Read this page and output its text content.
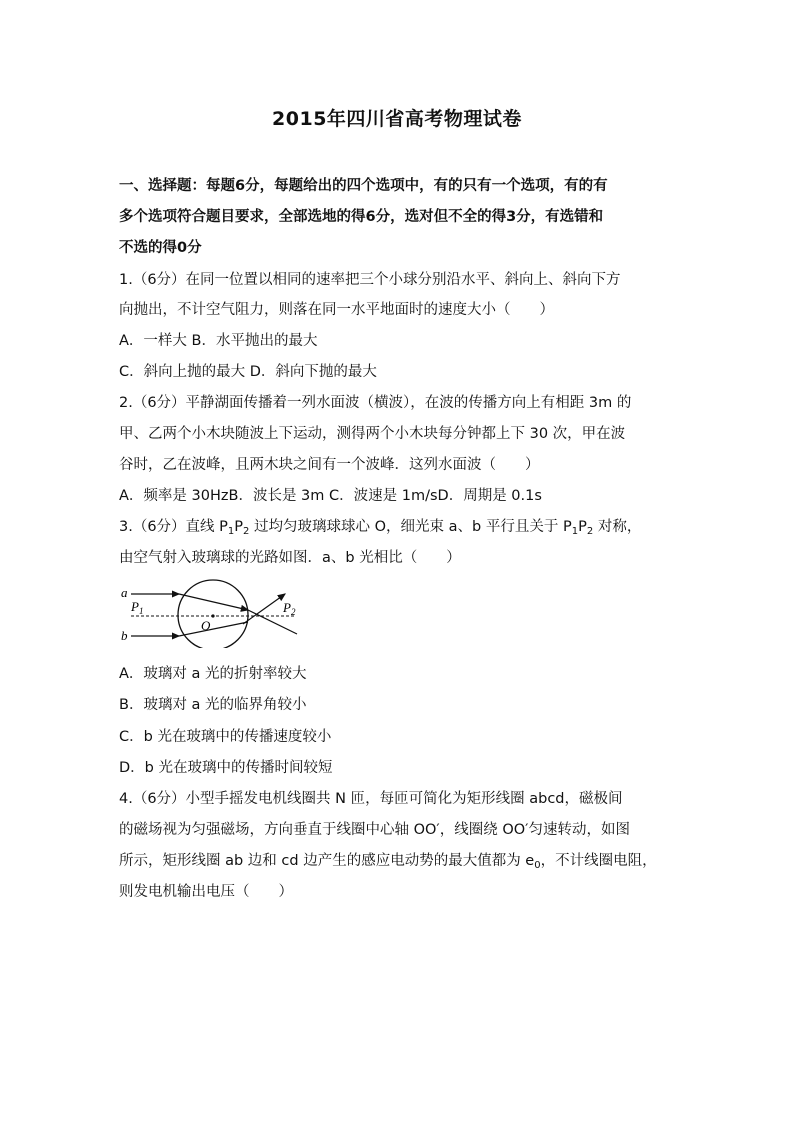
2015年四川省高考物理试卷
一、选择题：每题6分，每题给出的四个选项中，有的只有一个选项，有的有
多个选项符合题目要求，全部选地的得6分，选对但不全的得3分，有选错和
不选的得0分
1.（6分）在同一位置以相同的速率把三个小球分别沿水平、斜向上、斜向下方
向抛出，不计空气阻力，则落在同一水平地面时的速度大小（　　）
A．一样大 B．水平抛出的最大
C．斜向上抛的最大 D．斜向下抛的最大
2.（6分）平静湖面传播着一列水面波（横波），在波的传播方向上有相距 3m 的
甲、乙两个小木块随波上下运动，测得两个小木块每分钟都上下 30 次，甲在波
谷时，乙在波峰，且两木块之间有一个波峰．这列水面波（　　）
A．频率是 30HzB．波长是 3m C．波速是 1m/sD．周期是 0.1s
3.（6分）直线 $P_1P_2$ 过均匀玻璃球球心 O，细光束 a、b 平行且关于 $P_1P_2$ 对称，
由空气射入玻璃球的光路如图．a、b 光相比（　　）
a
b
$P_1$	$P_2$
O
A．玻璃对 a 光的折射率较大
B．玻璃对 a 光的临界角较小
C．b 光在玻璃中的传播速度较小
D．b 光在玻璃中的传播时间较短
4.（6分）小型手摇发电机线圈共 N 匝，每匝可简化为矩形线圈 abcd，磁极间
的磁场视为匀强磁场，方向垂直于线圈中心轴 OO′，线圈绕 OO′匀速转动，如图
所示，矩形线圈 ab 边和 cd 边产生的感应电动势的最大值都为 $e_0$，不计线圈电阻，
则发电机输出电压（　　）
